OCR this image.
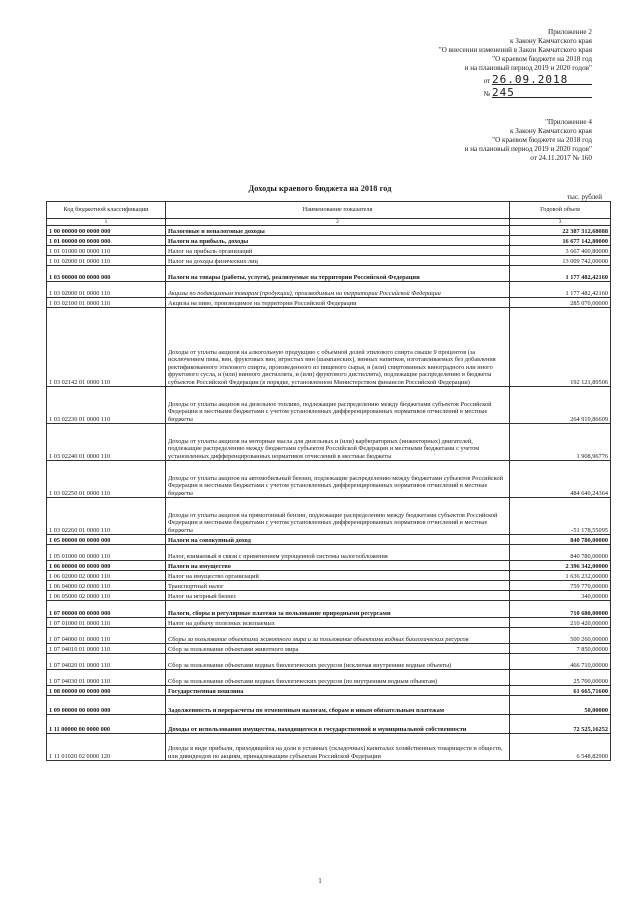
Приложение 2
к Закону Камчатского края
"О внесении изменений в Закон Камчатского края
"О краевом бюджете на 2018 год
и на плановый период 2019 и 2020 годов"
от 26.09.2018
№ 245
"Приложение 4
к Закону Камчатского края
"О краевом бюджете на 2018 год
и на плановый период 2019 и 2020 годов"
от 24.11.2017 № 160
Доходы краевого бюджета на 2018 год
тыс. рублей
Код бюджетной классификации	Наименование показателя	Годовой объем
1	2	3
1 00 00000 00 0000 000	Налоговые и неналоговые доходы	22 387 312,68088
1 01 00000 00 0000 000	Налоги на прибыль, доходы	16 677 142,80000
1 01 01000 00 0000 110	Налог на прибыль организаций	3 667 400,80000
1 01 02000 01 0000 110	Налог на доходы физических лиц	13 009 742,00000
1 03 00000 00 0000 000	Налоги на товары (работы, услуги), реализуемые на территории Российской Федерации	1 177 482,42160
1 03 02000 01 0000 110	Акцизы по подакцизным товарам (продукции), производимым на территории Российской Федерации	1 177 482,42160
1 03 02100 01 0000 110	Акцизы на пиво, производимое на территории Российской Федерации	285 070,00000
1 03 02142 01 0000 110	Доходы от уплаты акцизов на алкогольную продукцию с объемной долей этилового спирта свыше 9 процентов (за исключением пива, вин, фруктовых вин, игристых вин (шампанских), винных напитков, изготавливаемых без добавления ректификованного этилового спирта, произведенного из пищевого сырья, и (или) спиртованных виноградного или иного фруктового сусла, и (или) винного дистиллята, и (или) фруктового дистиллята), подлежащие распределению в бюджеты субъектов Российской Федерации (в порядке, установленном Министерством финансов Российской Федерации)	192 121,89506
1 03 02230 01 0000 110	Доходы от уплаты акцизов на дизельное топливо, подлежащие распределению между бюджетами субъектов Российской Федерации и местными бюджетами с учетом установленных дифференцированных нормативов отчислений в местные бюджеты	264 919,86609
1 03 02240 01 0000 110	Доходы от уплаты акцизов на моторные масла для дизельных и (или) карбюраторных (инжекторных) двигателей, подлежащие распределению между бюджетами субъектов Российской Федерации и местными бюджетами с учетом установленных дифференцированных нормативов отчислений в местные бюджеты	1 908,96776
1 03 02250 01 0000 110	Доходы от уплаты акцизов на автомобильный бензин, подлежащие распределению между бюджетами субъектов Российской Федерации и местными бюджетами с учетом установленных дифференцированных нормативов отчислений в местные бюджеты	484 640,24364
1 03 02260 01 0000 110	Доходы от уплаты акцизов на прямогонный бензин, подлежащие распределению между бюджетами субъектов Российской Федерации и местными бюджетами с учетом установленных дифференцированных нормативов отчислений в местные бюджеты	-51 178,55095
1 05 00000 00 0000 000	Налоги на совокупный доход	840 780,00000
1 05 01000 00 0000 110	Налог, взимаемый в связи с применением упрощенной системы налогообложения	840 780,00000
1 06 00000 00 0000 000	Налоги на имущество	2 396 342,00000
1 06 02000 02 0000 110	Налог на имущество организаций	1 636 232,00000
1 06 04000 02 0000 110	Транспортный налог	759 770,00000
1 06 05000 02 0000 110	Налог на игорный бизнес	340,00000
1 07 00000 00 0000 000	Налоги, сборы и регулярные платежи за пользование природными ресурсами	710 680,00000
1 07 01000 01 0000 110	Налог на добычу полезных ископаемых	210 420,00000
1 07 04000 01 0000 110	Сборы за пользование объектами животного мира и за пользование объектами водных биологических ресурсов	500 260,00000
1 07 04010 01 0000 110	Сбор за пользование объектами животного мира	7 850,00000
1 07 04020 01 0000 110	Сбор за пользование объектами водных биологических ресурсов (исключая внутренние водные объекты)	466 710,00000
1 07 04030 01 0000 110	Сбор за пользование объектами водных биологических ресурсов (по внутренним водным объектам)	25 700,00000
1 08 00000 00 0000 000	Государственная пошлина	61 665,71600
1 09 00000 00 0000 000	Задолженность и перерасчеты по отмененным налогам, сборам и иным обязательным платежам	50,00000
1 11 00000 00 0000 000	Доходы от использования имущества, находящегося в государственной и муниципальной собственности	72 525,16252
1 11 01020 02 0000 120	Доходы в виде прибыли, приходящейся на доли в уставных (складочных) капиталах хозяйственных товариществ и обществ, или дивидендов по акциям, принадлежащим субъектам Российской Федерации	6 548,82900
1
